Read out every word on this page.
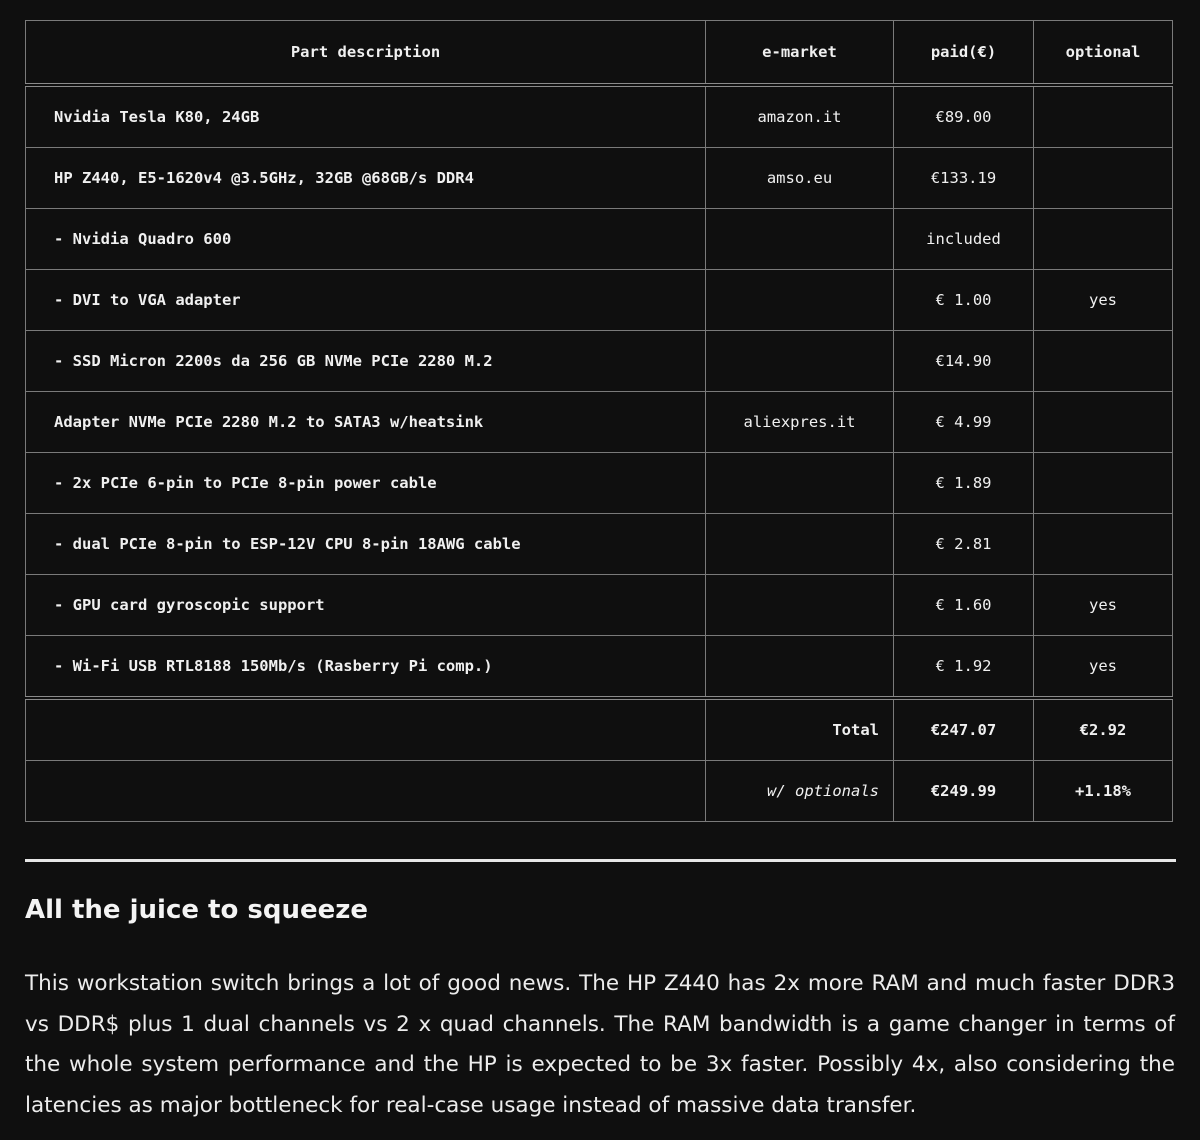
Part description	e-market	paid(€)	optional
Nvidia Tesla K80, 24GB	amazon.it	€89.00	
HP Z440, E5-1620v4 @3.5GHz, 32GB @68GB/s DDR4	amso.eu	€133.19	
- Nvidia Quadro 600		included	
- DVI to VGA adapter		€ 1.00	yes
- SSD Micron 2200s da 256 GB NVMe PCIe 2280 M.2		€14.90	
Adapter NVMe PCIe 2280 M.2 to SATA3 w/heatsink	aliexpres.it	€ 4.99	
- 2x PCIe 6-pin to PCIe 8-pin power cable		€ 1.89	
- dual PCIe 8-pin to ESP-12V CPU 8-pin 18AWG cable		€ 2.81	
- GPU card gyroscopic support		€ 1.60	yes
- Wi-Fi USB RTL8188 150Mb/s (Rasberry Pi comp.)		€ 1.92	yes
	Total	€247.07	€2.92
	w/ optionals	€249.99	+1.18%
All the juice to squeeze

This workstation switch brings a lot of good news. The HP Z440 has 2x more RAM and much faster DDR3 vs DDR$ plus 1 dual channels vs 2 x quad channels. The RAM bandwidth is a game changer in terms of the whole system performance and the HP is expected to be 3x faster. Possibly 4x, also considering the latencies as major bottleneck for real-case usage instead of massive data transfer.
